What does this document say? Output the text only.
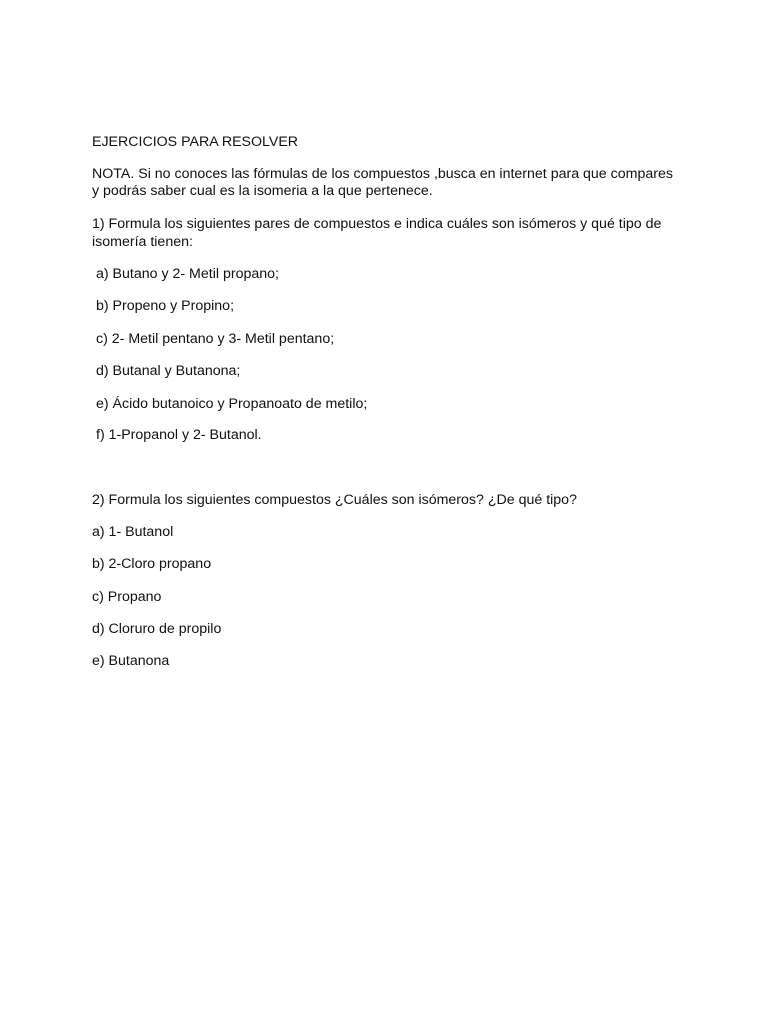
EJERCICIOS PARA RESOLVER

NOTA. Si no conoces las fórmulas de los compuestos ,busca en internet para que compares

y podrás saber cual es la isomeria a la que pertenece.

1) Formula los siguientes pares de compuestos e indica cuáles son isómeros y qué tipo de

isomería tienen:

a) Butano y 2- Metil propano;

b) Propeno y Propino;

c) 2- Metil pentano y 3- Metil pentano;

d) Butanal y Butanona;

e) Ácido butanoico y Propanoato de metilo;

f) 1-Propanol y 2- Butanol.

2) Formula los siguientes compuestos ¿Cuáles son isómeros? ¿De qué tipo?

a) 1- Butanol

b) 2-Cloro propano

c) Propano

d) Cloruro de propilo

e) Butanona
